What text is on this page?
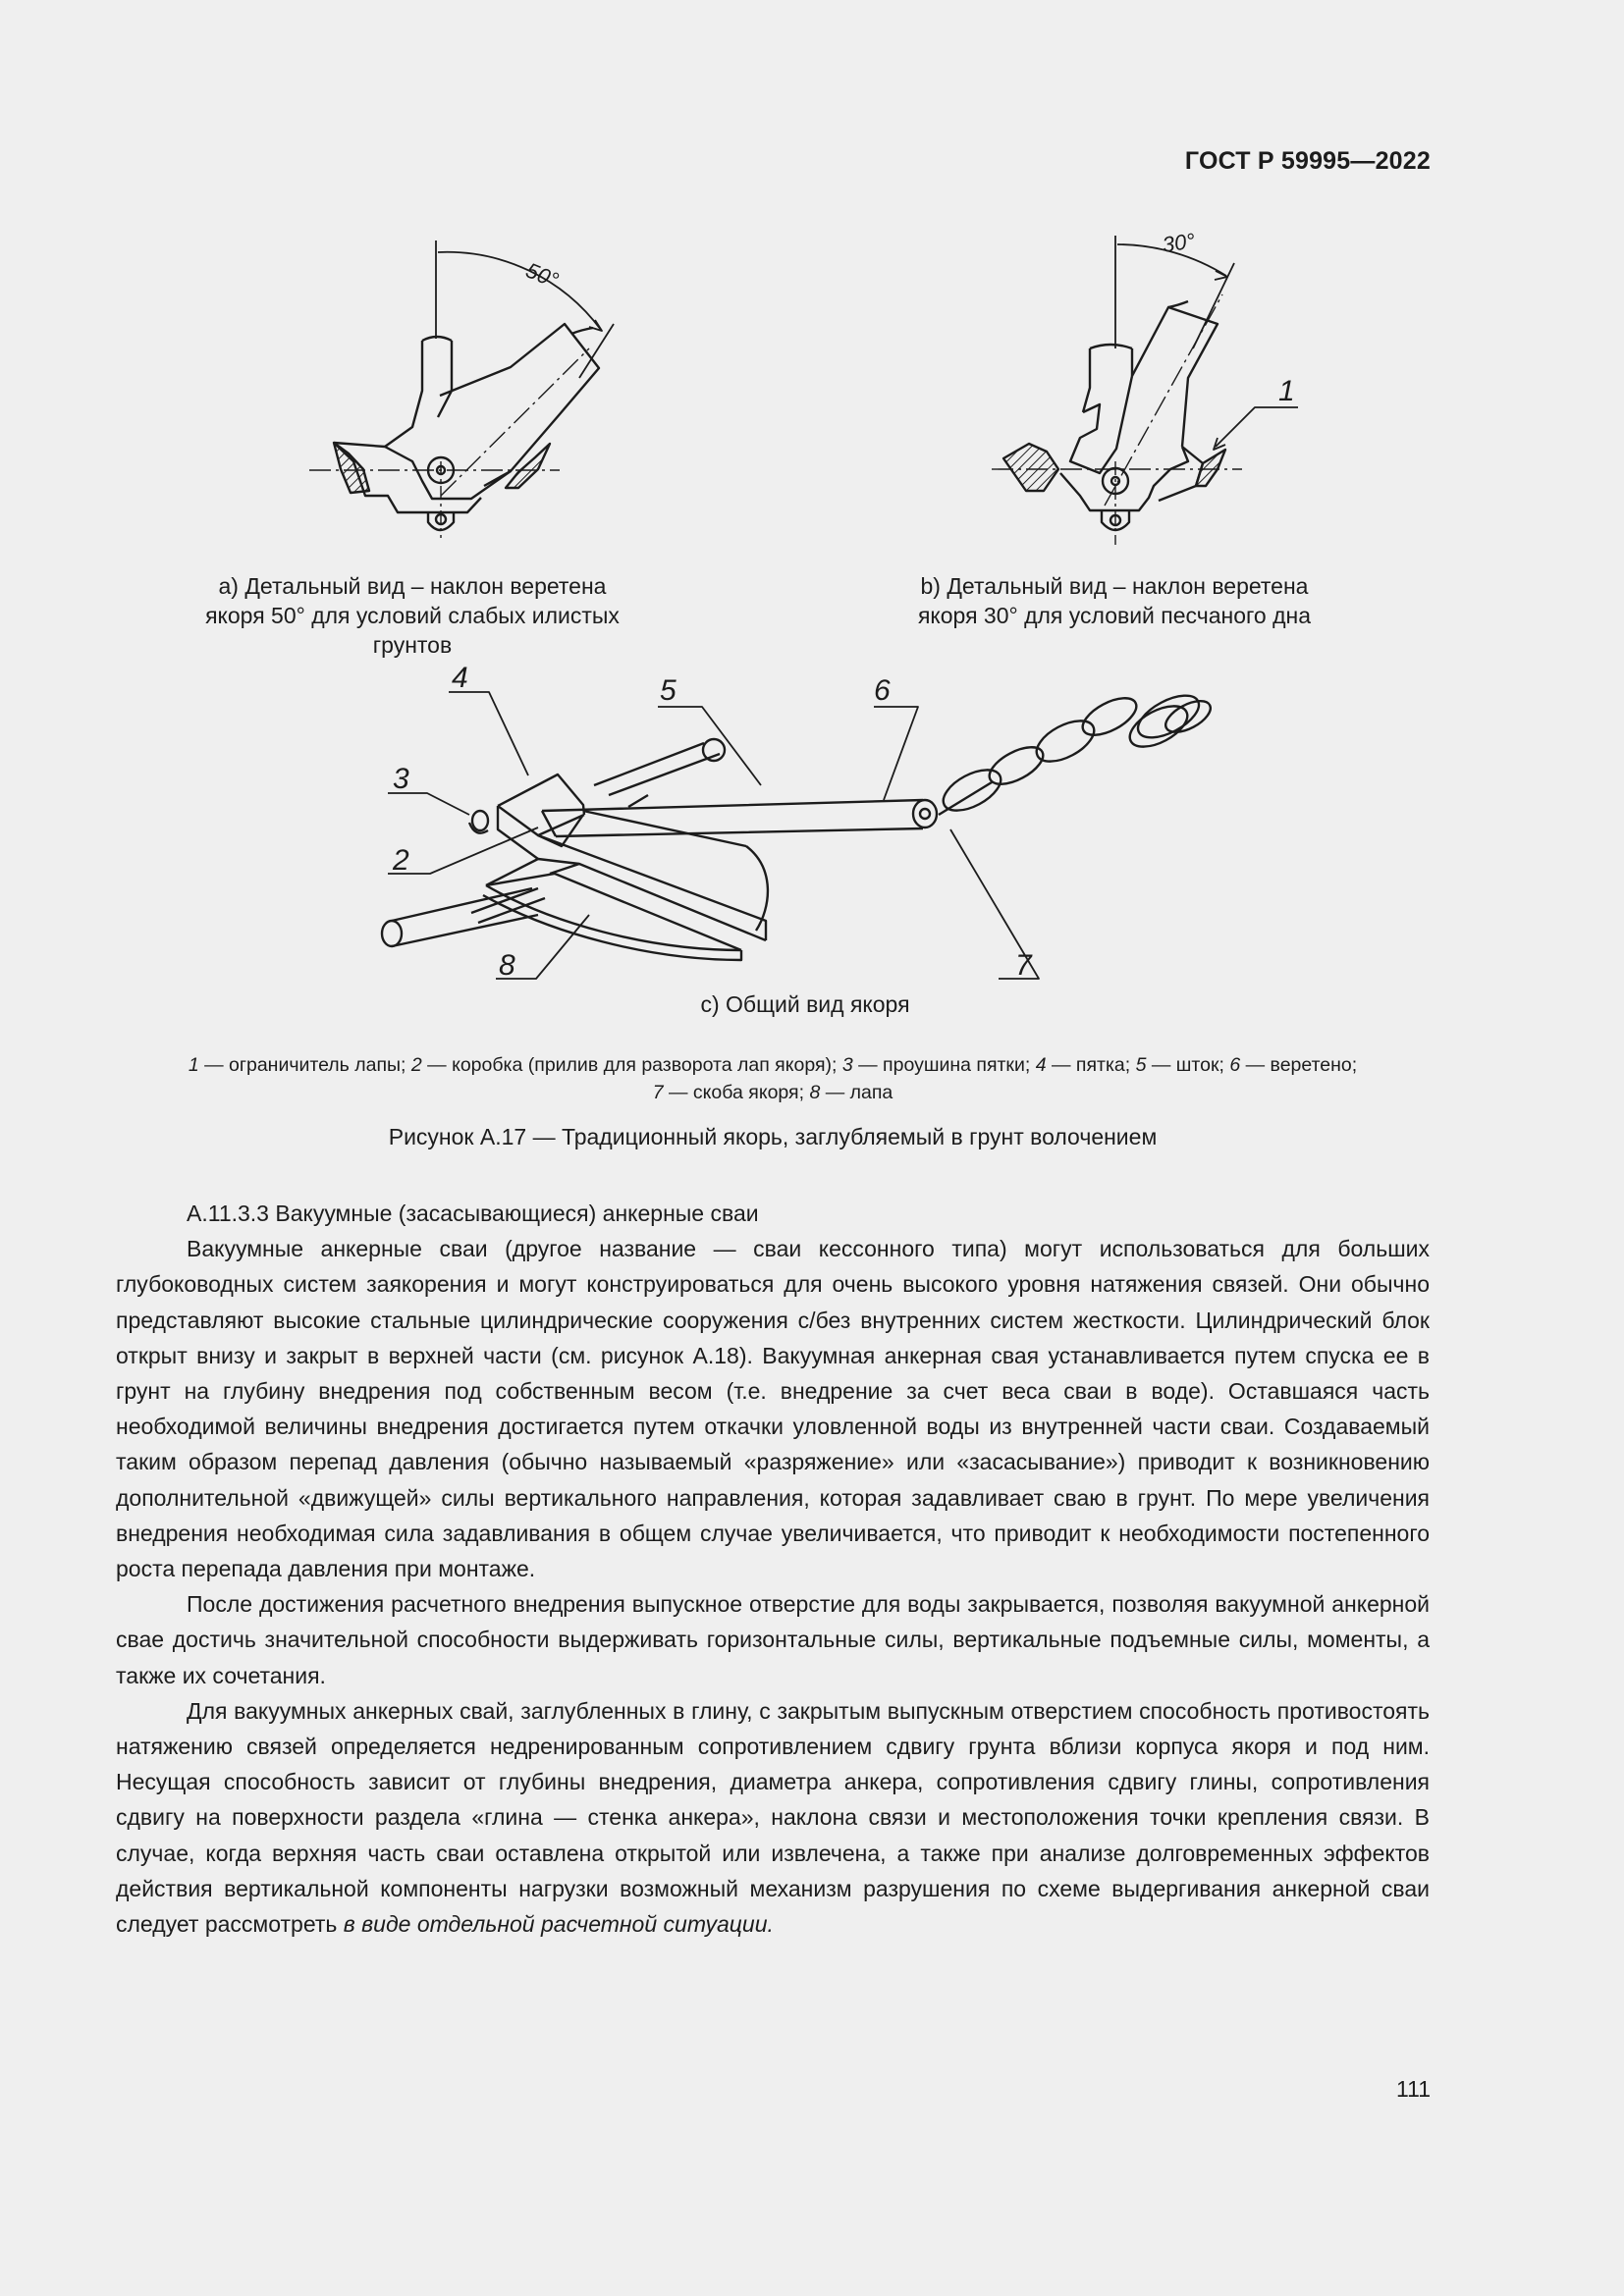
ГОСТ Р 59995—2022
50°
30°
1
4	5	6
3
2
8	7
а) Детальный вид – наклон веретена
якоря 50° для условий слабых илистых
грунтов
b) Детальный вид – наклон веретена
якоря 30° для условий песчаного дна
с) Общий вид якоря
1 — ограничитель лапы; 2 — коробка (прилив для разворота лап якоря); 3 — проушина пятки; 4 — пятка; 5 — шток; 6 — веретено;
7 — скоба якоря; 8 — лапа
Рисунок А.17 — Традиционный якорь, заглубляемый в грунт волочением

А.11.3.3 Вакуумные (засасывающиеся) анкерные сваи

Вакуумные анкерные сваи (другое название — сваи кессонного типа) могут использоваться для больших глубоководных систем заякорения и могут конструироваться для очень высокого уровня натяжения связей. Они обычно представляют высокие стальные цилиндрические сооружения с/без внутренних систем жесткости. Цилиндрический блок открыт внизу и закрыт в верхней части (см. рисунок А.18). Вакуумная анкерная свая устанавливается путем спуска ее в грунт на глубину внедрения под собственным весом (т.е. внедрение за счет веса сваи в воде). Оставшаяся часть необходимой величины внедрения достигается путем откачки уловленной воды из внутренней части сваи. Создаваемый таким образом перепад давления (обычно называемый «разряжение» или «засасывание») приводит к возникновению дополнительной «движущей» силы вертикального направления, которая задавливает сваю в грунт. По мере увеличения внедрения необходимая сила задавливания в общем случае увеличивается, что приводит к необходимости постепенного роста перепада давления при монтаже.

После достижения расчетного внедрения выпускное отверстие для воды закрывается, позволяя вакуумной анкерной свае достичь значительной способности выдерживать горизонтальные силы, вертикальные подъемные силы, моменты, а также их сочетания.

Для вакуумных анкерных свай, заглубленных в глину, с закрытым выпускным отверстием способность противостоять натяжению связей определяется недренированным сопротивлением сдвигу грунта вблизи корпуса якоря и под ним. Несущая способность зависит от глубины внедрения, диаметра анкера, сопротивления сдвигу глины, сопротивления сдвигу на поверхности раздела «глина — стенка анкера», наклона связи и местоположения точки крепления связи. В случае, когда верхняя часть сваи оставлена открытой или извлечена, а также при анализе долговременных эффектов действия вертикальной компоненты нагрузки возможный механизм разрушения по схеме выдергивания анкерной сваи следует рассмотреть в виде отдельной расчетной ситуации.

111
